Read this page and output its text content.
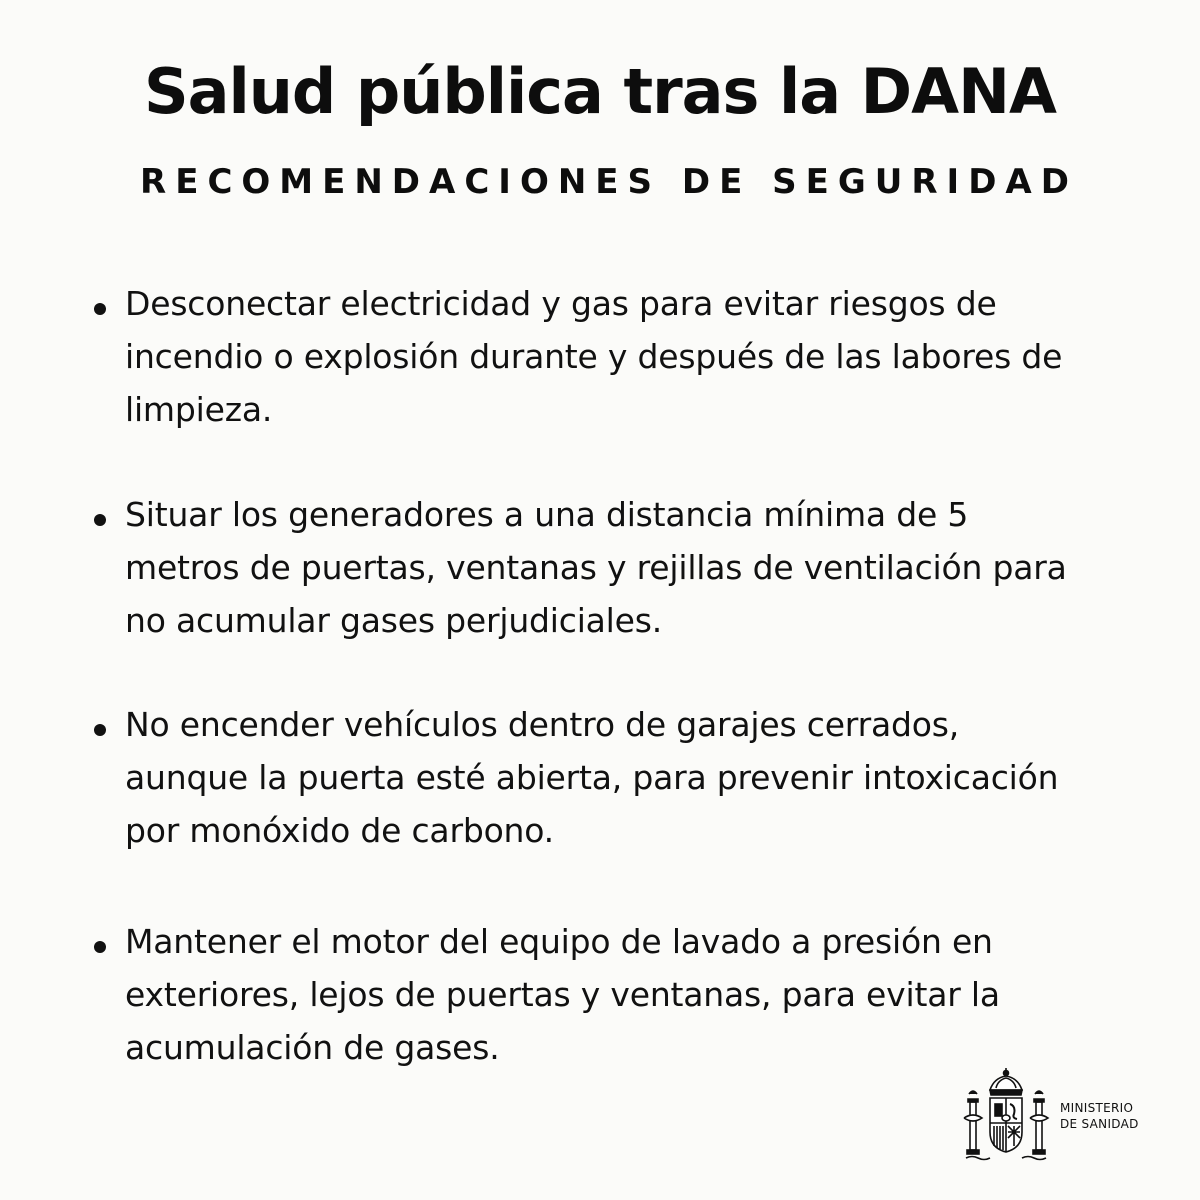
Salud pública tras la DANA
RECOMENDACIONES DE SEGURIDAD
Desconectar electricidad y gas para evitar riesgos de incendio o explosión durante y después de las labores de limpieza.
Situar los generadores a una distancia mínima de 5 metros de puertas, ventanas y rejillas de ventilación para no acumular gases perjudiciales.
No encender vehículos dentro de garajes cerrados, aunque la puerta esté abierta, para prevenir intoxicación por monóxido de carbono.
Mantener el motor del equipo de lavado a presión en exteriores, lejos de puertas y ventanas, para evitar la acumulación de gases.
MINISTERIO
DE SANIDAD
